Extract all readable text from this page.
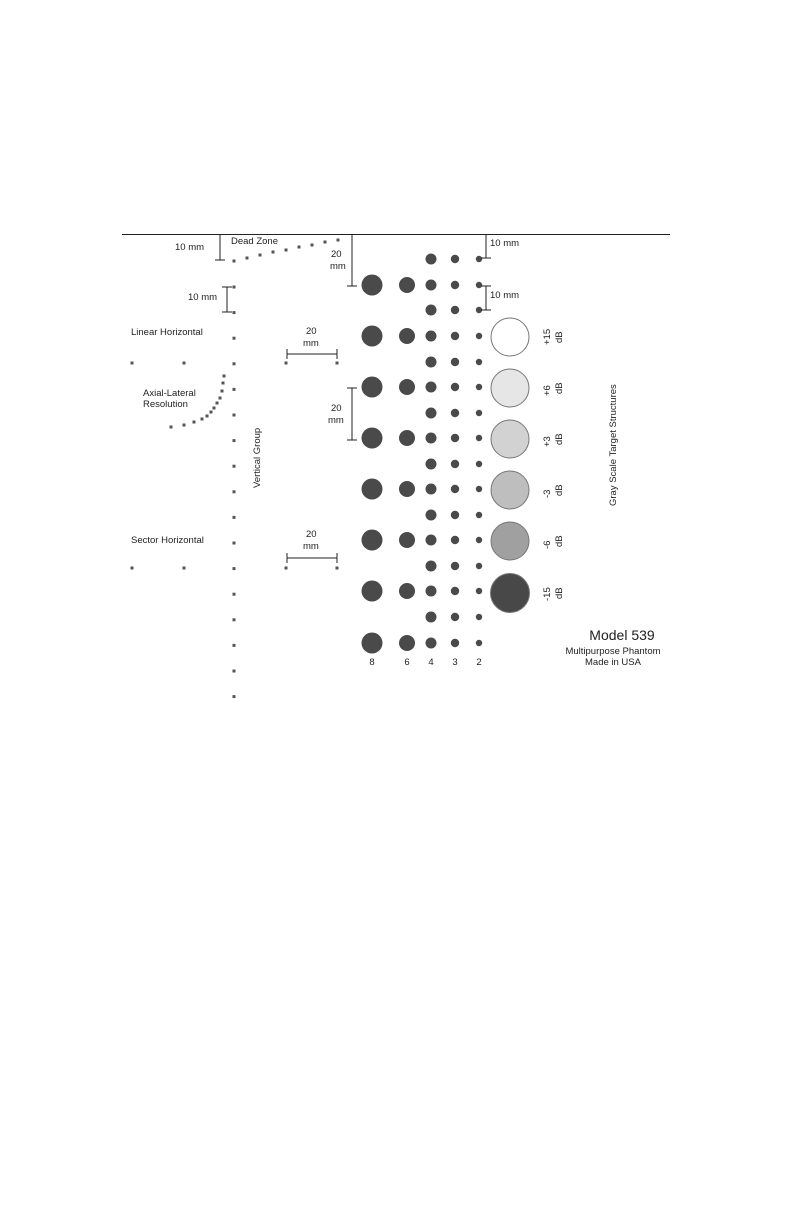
10 mm
Dead Zone
20
mm
10 mm
Vertical Group
Linear Horizontal	20
mm
Axial-Lateral
Resolution	20
mm
Sector Horizontal
20
mm
10 mm
10 mm
+15 dB
+6 dB
+3 dB
-3 dB
-6 dB
-15 dB
Gray Scale Target Structures
8	6 4 3 2
Model 539
Multipurpose Phantom
Made in USA
